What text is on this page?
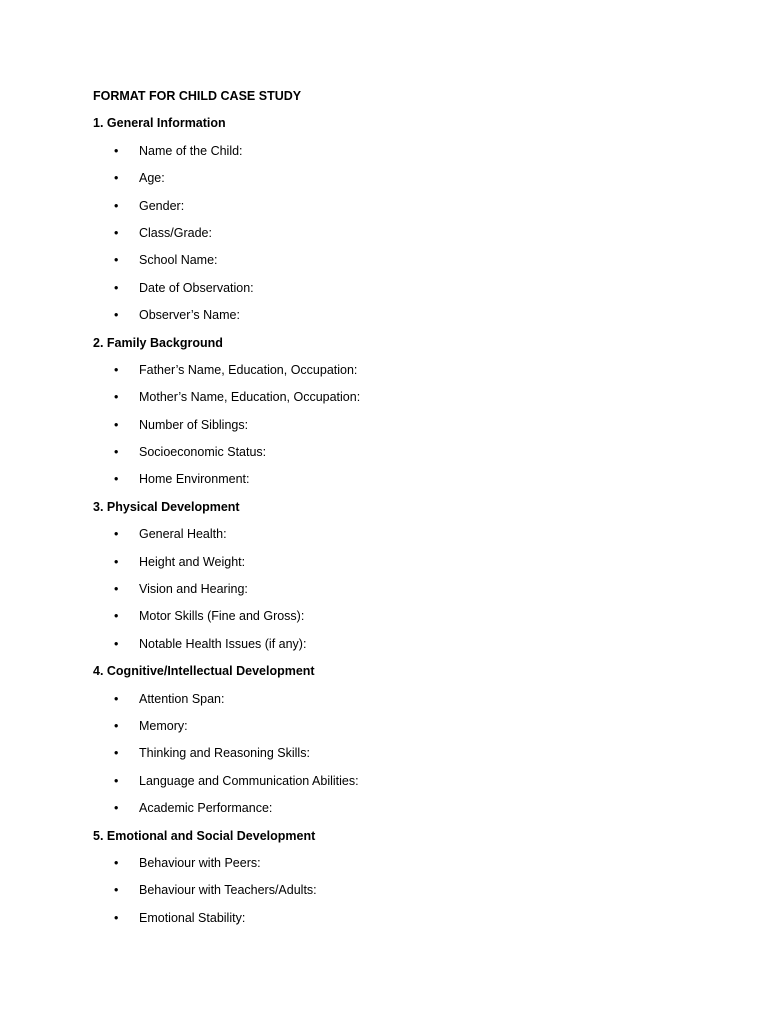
FORMAT FOR CHILD CASE STUDY
1. General Information
•	Name of the Child:
•	Age:
•	Gender:
•	Class/Grade:
•	School Name:
•	Date of Observation:
•	Observer’s Name:
2. Family Background
•	Father’s Name, Education, Occupation:
•	Mother’s Name, Education, Occupation:
•	Number of Siblings:
•	Socioeconomic Status:
•	Home Environment:
3. Physical Development
•	General Health:
•	Height and Weight:
•	Vision and Hearing:
•	Motor Skills (Fine and Gross):
•	Notable Health Issues (if any):
4. Cognitive/Intellectual Development
•	Attention Span:
•	Memory:
•	Thinking and Reasoning Skills:
•	Language and Communication Abilities:
•	Academic Performance:
5. Emotional and Social Development
•	Behaviour with Peers:
•	Behaviour with Teachers/Adults:
•	Emotional Stability:
